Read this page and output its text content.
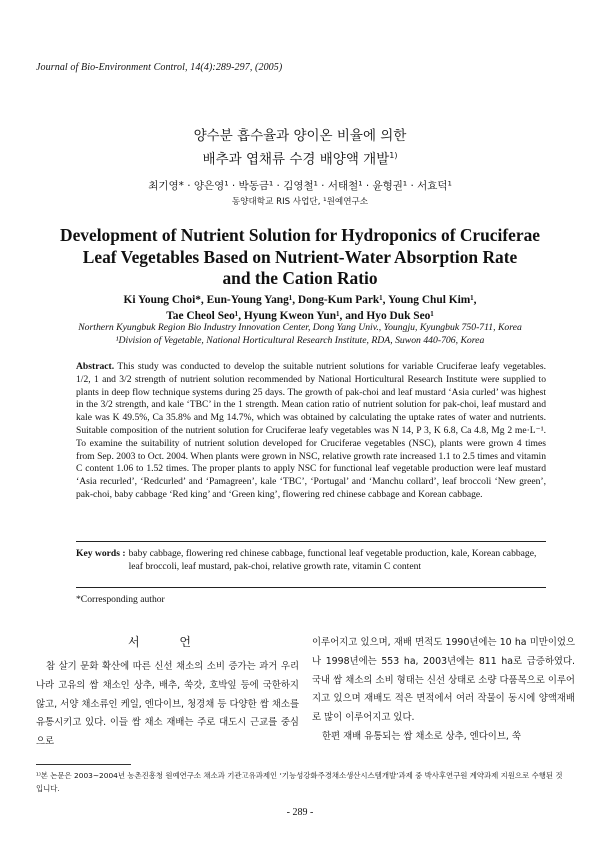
Journal of Bio-Environment Control, 14(4):289-297, (2005)
양수분 흡수율과 양이온 비율에 의한
배추과 엽채류 수경 배양액 개발$^{1)}$
최기영* · 양은영¹ · 박동금¹ · 김영철¹ · 서태철¹ · 윤형권¹ · 서효덕¹
동양대학교 RIS 사업단, ¹원예연구소
Development of Nutrient Solution for Hydroponics of Cruciferae
Leaf Vegetables Based on Nutrient-Water Absorption Rate
and the Cation Ratio
Ki Young Choi*, Eun-Young Yang¹, Dong-Kum Park¹, Young Chul Kim¹,
Tae Cheol Seo¹, Hyung Kweon Yun¹, and Hyo Duk Seo¹
Northern Kyungbuk Region Bio Industry Innovation Center, Dong Yang Univ., Youngju, Kyungbuk 750-711, Korea
¹Division of Vegetable, National Horticultural Research Institute, RDA, Suwon 440-706, Korea
Abstract. This study was conducted to develop the suitable nutrient solutions for variable Cruciferae leafy vegetables. 1/2, 1 and 3/2 strength of nutrient solution recommended by National Horticultural Research Institute were supplied to plants in deep flow technique systems during 25 days. The growth of pak-choi and leaf mustard ‘Asia curled’ was highest in the 3/2 strength, and kale ‘TBC’ in the 1 strength. Mean cation ratio of nutrient solution for pak-choi, leaf mustard and kale was K 49.5%, Ca 35.8% and Mg 14.7%, which was obtained by calculating the uptake rates of water and nutrients. Suitable composition of the nutrient solution for Cruciferae leafy vegetables was N 14, P 3, K 6.8, Ca 4.8, Mg 2 me·L⁻¹. To examine the suitability of nutrient solution developed for Cruciferae vegetables (NSC), plants were grown 4 times from Sep. 2003 to Oct. 2004. When plants were grown in NSC, relative growth rate increased 1.1 to 2.5 times and vitamin C content 1.06 to 1.52 times. The proper plants to apply NSC for functional leaf vegetable production were leaf mustard ‘Asia recurled’, ‘Redcurled’ and ‘Pamagreen’, kale ‘TBC’, ‘Portugal’ and ‘Manchu collard’, leaf broccoli ‘New green’, pak-choi, baby cabbage ‘Red king’ and ‘Green king’, flowering red chinese cabbage and Korean cabbage.
Key words : baby cabbage, flowering red chinese cabbage, functional leaf vegetable production, kale, Korean cabbage, leaf broccoli, leaf mustard, pak-choi, relative growth rate, vitamin C content
*Corresponding author
서 언

참 살기 문화 확산에 따른 신선 채소의 소비 증가는 과거 우리나라 고유의 쌈 채소인 상추, 배추, 쑥갓, 호박잎 등에 국한하지 않고, 서양 채소류인 케일, 엔다이브, 청경채 등 다양한 쌈 채소를 유통시키고 있다. 이들 쌈 채소 재배는 주로 대도시 근교를 중심으로

이루어지고 있으며, 재배 면적도 1990년에는 10 ha 미만이었으나 1998년에는 553 ha, 2003년에는 811 ha로 급증하였다. 국내 쌈 채소의 소비 형태는 신선 상태로 소량 다품목으로 이루어지고 있으며 재배도 적은 면적에서 여러 작물이 동시에 양액재배로 많이 이루어지고 있다.

한편 재배 유통되는 쌈 채소로 상추, 엔다이브, 쑥

¹⁾본 논문은 2003~2004년 농촌진흥청 원예연구소 채소과 기관고유과제인 ‘기능성강화주경채소생산시스템개발’과제 중 박사후연구원 계약과제 지원으로 수행된 것입니다.
- 289 -
